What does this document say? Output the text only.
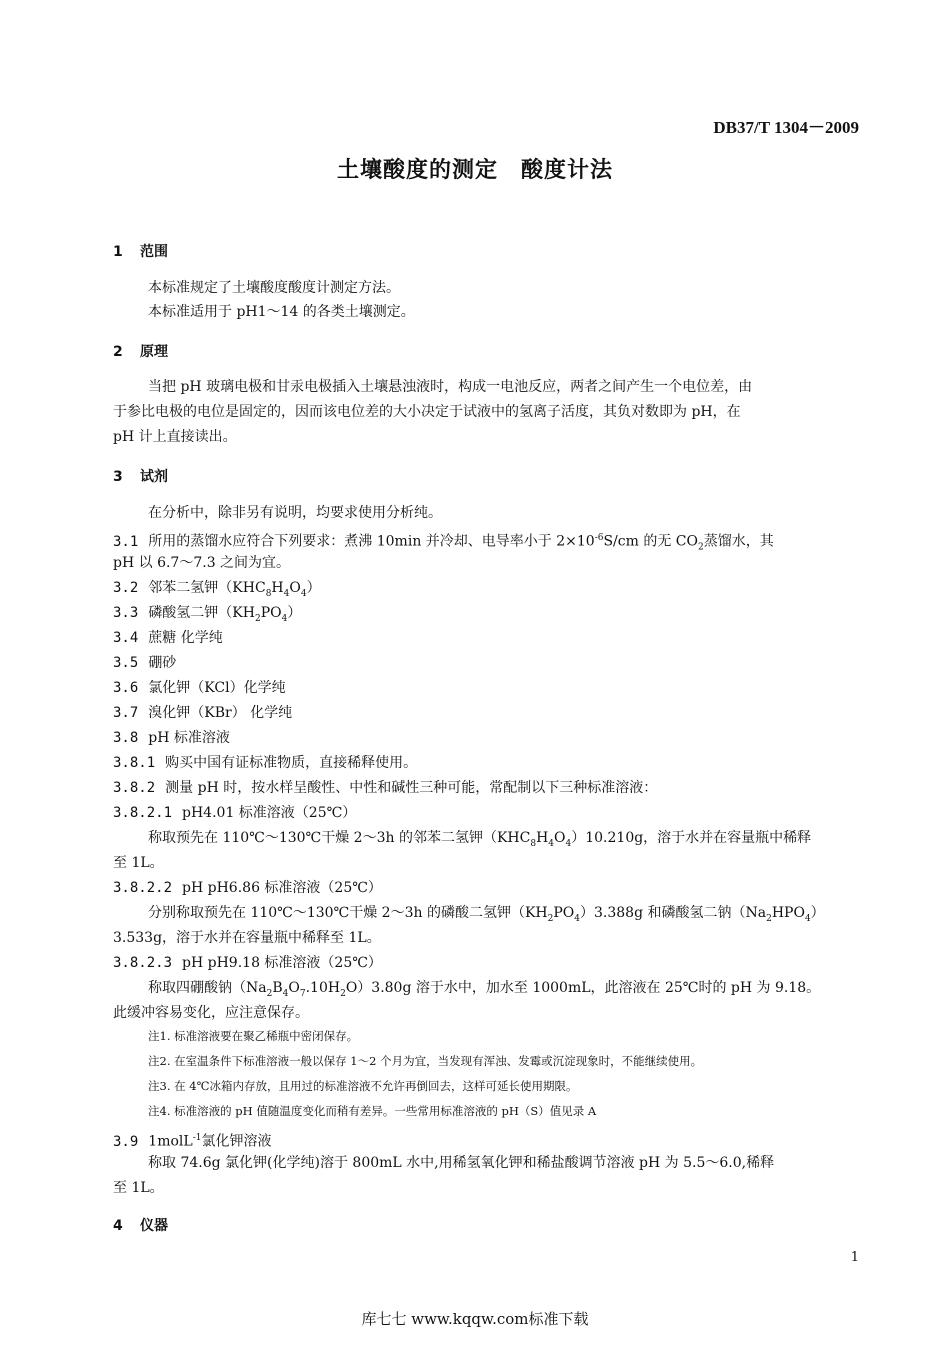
DB37/T 1304－2009
土壤酸度的测定　酸度计法
1 范围
本标准规定了土壤酸度酸度计测定方法。
本标准适用于 pH1～14 的各类土壤测定。
2 原理
当把 pH 玻璃电极和甘汞电极插入土壤悬浊液时，构成一电池反应，两者之间产生一个电位差，由
于参比电极的电位是固定的，因而该电位差的大小决定于试液中的氢离子活度，其负对数即为 pH，在
pH 计上直接读出。
3 试剂
在分析中，除非另有说明，均要求使用分析纯。
3.1 所用的蒸馏水应符合下列要求：煮沸 10min 并冷却、电导率小于 $2\times 10^{-6}S/cm$ 的无 $CO_2$蒸馏水，其
pH 以 6.7～7.3 之间为宜。
3.2 邻苯二氢钾$(KHC_8H_4O_4)$
3.3 磷酸氢二钾$(KH_2PO_4)$
3.4 蔗糖 化学纯
3.5 硼砂
3.6 氯化钾（KCl）化学纯
3.7 溴化钾（KBr） 化学纯
3.8 pH 标准溶液
3.8.1 购买中国有证标准物质，直接稀释使用。
3.8.2 测量 pH 时，按水样呈酸性、中性和碱性三种可能，常配制以下三种标准溶液：
3.8.2.1 pH4.01 标准溶液（25℃）
称取预先在 110℃～130℃干燥 2～3h 的邻苯二氢钾$(KHC_8H_4O_4)10.210g$，溶于水并在容量瓶中稀释
至 1L。
3.8.2.2 pH pH6.86 标准溶液（25℃）
分别称取预先在 110℃～130℃干燥 2～3h 的磷酸二氢钾$(KH_2PO_4)3.388g$ 和磷酸氢二钠$(Na_2HPO_4)$
3.533g，溶于水并在容量瓶中稀释至 1L。
3.8.2.3 pH pH9.18 标准溶液（25℃）
称取四硼酸钠$(Na_2B_4O_7.10H_2O)3.80g$ 溶于水中，加水至 1000mL，此溶液在 25℃时的 pH 为 9.18。
此缓冲容易变化，应注意保存。
注1. 标准溶液要在聚乙稀瓶中密闭保存。
注2. 在室温条件下标准溶液一般以保存 1～2 个月为宜，当发现有浑浊、发霉或沉淀现象时，不能继续使用。
注3. 在 4℃冰箱内存放，且用过的标准溶液不允许再倒回去，这样可延长使用期限。
注4. 标准溶液的 pH 值随温度变化而稍有差异。一些常用标准溶液的 pH（S）值见录 A
3.9 1molL$^{-1}$氯化钾溶液
称取 74.6g 氯化钾(化学纯)溶于 800mL 水中,用稀氢氧化钾和稀盐酸调节溶液 pH 为 5.5～6.0,稀释
至 1L。
4 仪器
1
库七七 www.kqqw.com标准下载
